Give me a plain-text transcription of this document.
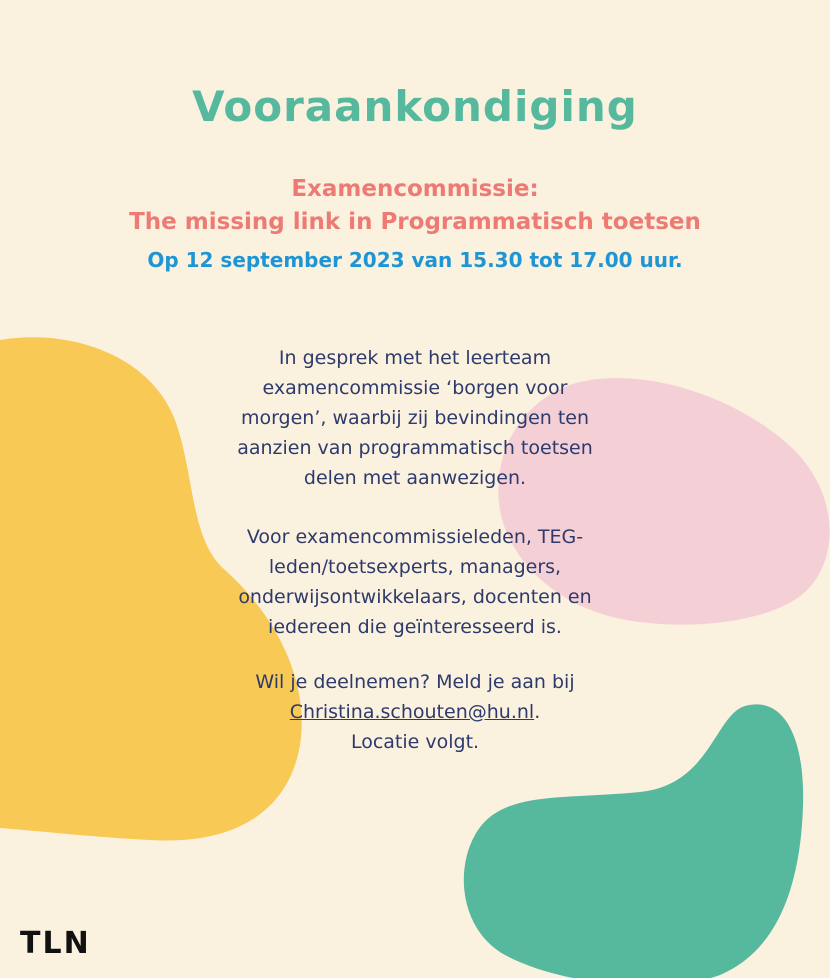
Vooraankondiging
Examencommissie:
The missing link in Programmatisch toetsen
Op 12 september 2023 van 15.30 tot 17.00 uur.
In gesprek met het leerteam
examencommissie ‘borgen voor
morgen’, waarbij zij bevindingen ten
aanzien van programmatisch toetsen
delen met aanwezigen.
Voor examencommissieleden, TEG-
leden/toetsexperts, managers,
onderwijsontwikkelaars, docenten en
iedereen die geïnteresseerd is.
Wil je deelnemen? Meld je aan bij
Christina.schouten@hu.nl.
Locatie volgt.
TLN
